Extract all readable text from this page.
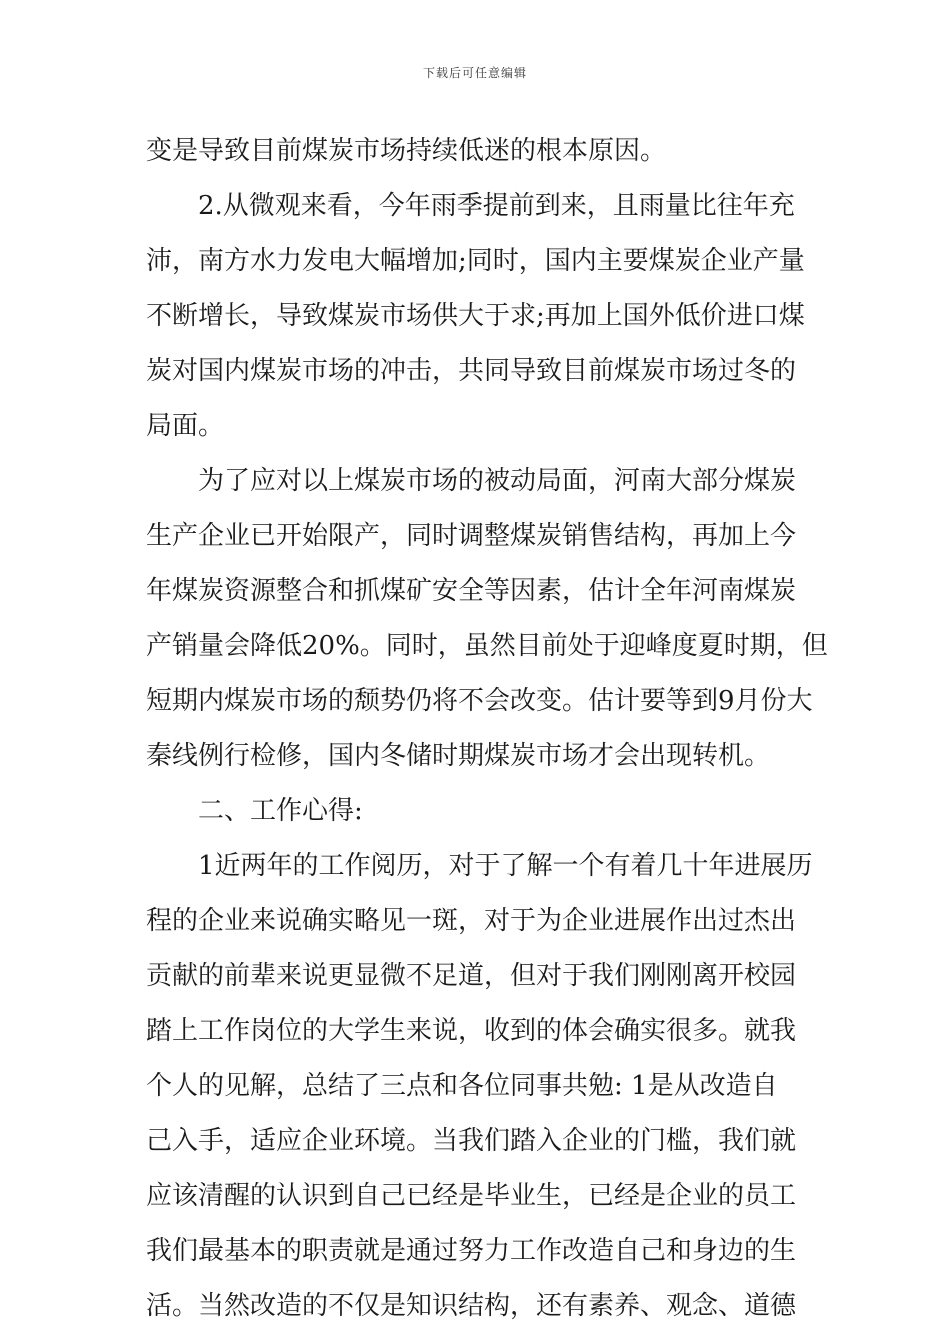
下载后可任意编辑
变是导致目前煤炭市场持续低迷的根本原因。
2.从微观来看，今年雨季提前到来，且雨量比往年充
沛，南方水力发电大幅增加;同时，国内主要煤炭企业产量
不断增长，导致煤炭市场供大于求;再加上国外低价进口煤
炭对国内煤炭市场的冲击，共同导致目前煤炭市场过冬的
局面。
为了应对以上煤炭市场的被动局面，河南大部分煤炭
生产企业已开始限产，同时调整煤炭销售结构，再加上今
年煤炭资源整合和抓煤矿安全等因素，估计全年河南煤炭
产销量会降低20%。同时，虽然目前处于迎峰度夏时期，但
短期内煤炭市场的颓势仍将不会改变。估计要等到9月份大
秦线例行检修，国内冬储时期煤炭市场才会出现转机。
二、工作心得:
1近两年的工作阅历，对于了解一个有着几十年进展历
程的企业来说确实略见一斑，对于为企业进展作出过杰出
贡献的前辈来说更显微不足道，但对于我们刚刚离开校园
踏上工作岗位的大学生来说，收到的体会确实很多。就我
个人的见解，总结了三点和各位同事共勉: 1是从改造自
己入手，适应企业环境。当我们踏入企业的门槛，我们就
应该清醒的认识到自己已经是毕业生，已经是企业的员工
我们最基本的职责就是通过努力工作改造自己和身边的生
活。当然改造的不仅是知识结构，还有素养、观念、道德
